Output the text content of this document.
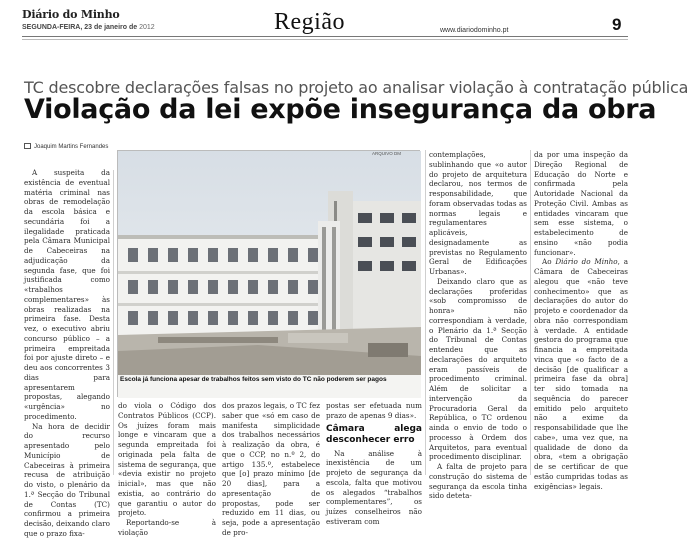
Diário do Minho
SEGUNDA-FEIRA, 23 de janeiro de 2012	Região	www.diariodominho.pt	9
TC descobre declarações falsas no projeto ao analisar violação à contratação pública
Violação da lei expõe insegurança da obra
Joaquim Martins Fernandes
ARQUIVO DM
Escola já funciona apesar de trabalhos feitos sem visto do TC não poderem ser pagos

A suspeita da existência de eventual matéria criminal nas obras de remodelação da escola básica e secundária foi a ilegalidade praticada pela Câmara Municipal de Cabeceiras na adjudicação da segunda fase, que foi justificada como «trabalhos complementares» às obras realizadas na primeira fase. Desta vez, o executivo abriu concurso público – a primeira empreitada foi por ajuste direto – e deu aos concorrentes 3 dias para apresentarem propostas, alegando «urgência» no procedimento.

Na hora de decidir do recurso apresentado pelo Município de Cabeceiras à primeira recusa de atribuição do visto, o plenário da 1.ª Secção do Tribunal de Contas (TC) confirmou a primeira decisão, deixando claro que o prazo fixa-

do viola o Código dos Contratos Públicos (CCP). Os juízes foram mais longe e vincaram que a segunda empreitada foi originada pela falta de sistema de segurança, que «devia existir no projeto inicial», mas que não existia, ao contrário do que garantiu o autor do projeto.

Reportando-se à violação

dos prazos legais, o TC fez saber que «só em caso de manifesta simplicidade dos trabalhos necessários à realização da obra, é que o CCP, no n.º 2, do artigo 135.º, estabelece que [o] prazo mínimo [de 20 dias], para a apresentação de propostas, pode ser reduzido em 11 dias, ou seja, pode a apresentação de pro-

postas ser efetuada num prazo de apenas 9 dias».

Câmara alega desconhecer erro

Na análise à inexistência de um projeto de segurança da escola, falta que motivou os alegados “trabalhos complementares”, os juízes conselheiros não estiveram com

contemplações, sublinhando que «o autor do projeto de arquitetura declarou, nos termos de responsabilidade, que foram observadas todas as normas legais e regulamentares aplicáveis, designadamente as previstas no Regulamento Geral de Edificações Urbanas».

Deixando claro que as declarações proferidas «sob compromisso de honra» não correspondiam à verdade, o Plenário da 1.ª Secção do Tribunal de Contas entendeu que as declarações do arquiteto eram passíveis de procedimento criminal. Além de solicitar a intervenção da Procuradoria Geral da República, o TC ordenou ainda o envio de todo o processo à Ordem dos Arquitetos, para eventual procedimento disciplinar.

A falta de projeto para construção do sistema de segurança da escola tinha sido deteta-

da por uma inspeção da Direção Regional de Educação do Norte e confirmada pela Autoridade Nacional da Proteção Civil. Ambas as entidades vincaram que sem esse sistema, o estabelecimento de ensino «não podia funcionar».

Ao Diário do Minho, a Câmara de Cabeceiras alegou que «não teve conhecimento» que as declarações do autor do projeto e coordenador da obra não correspondiam à verdade. A entidade gestora do programa que financia a empreitada vinca que «o facto de a decisão [de qualificar a primeira fase da obra] ter sido tomada na sequência do parecer emitido pelo arquiteto não a exime da responsabilidade que lhe cabe», uma vez que, na qualidade de dono da obra, «tem a obrigação de se certificar de que estão cumpridas todas as exigências» legais.
